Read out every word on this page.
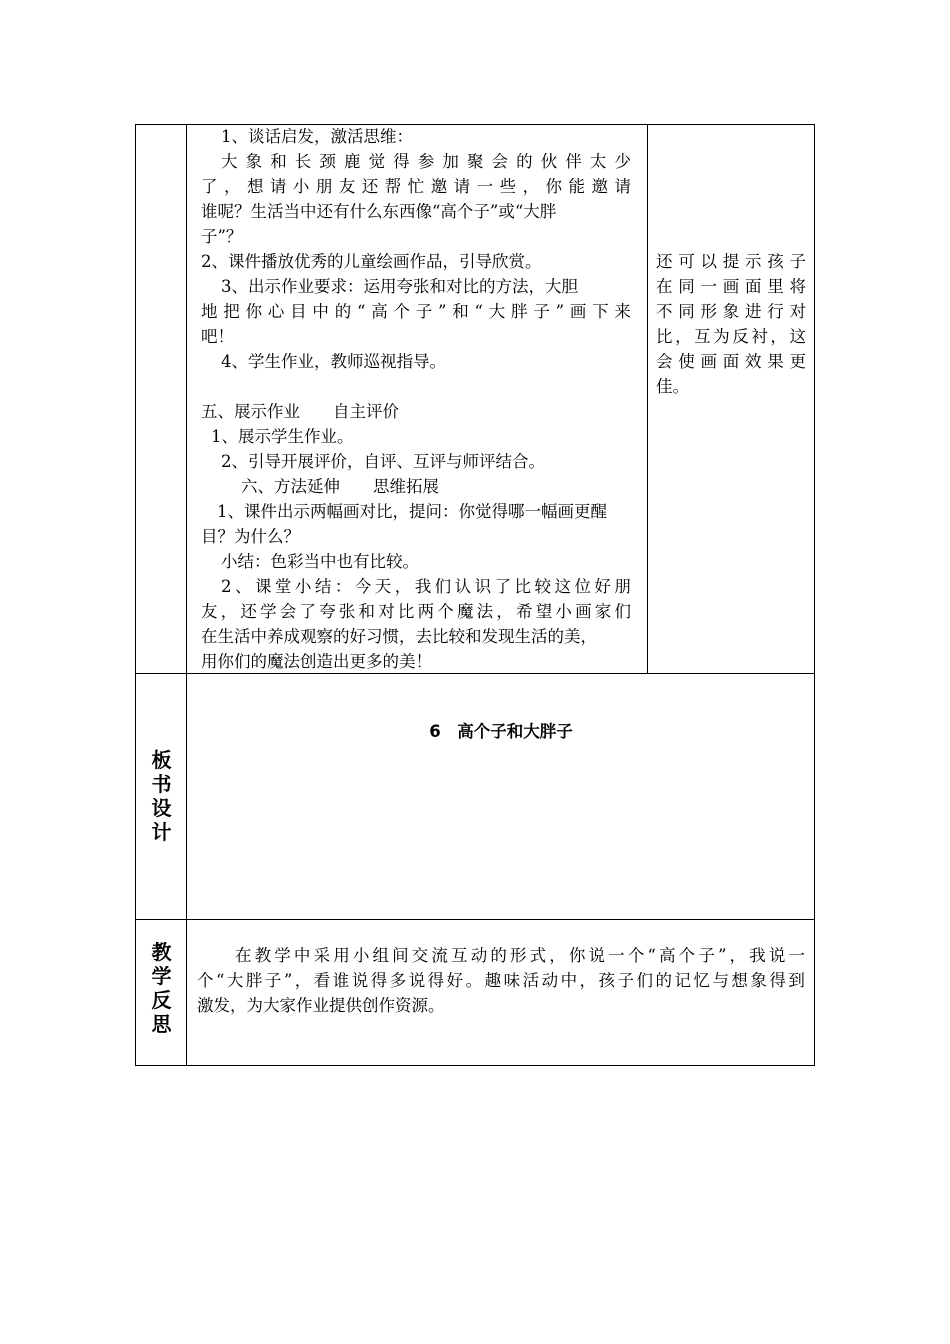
1、谈话启发，激活思维：
大 象 和 长 颈 鹿 觉 得 参 加 聚 会 的 伙 伴 太 少
了 ， 想 请 小 朋 友 还 帮 忙 邀 请 一 些 ， 你 能 邀 请
谁呢？生活当中还有什么东西像“高个子”或“大胖
子”？
2、课件播放优秀的儿童绘画作品，引导欣赏。
3、出示作业要求：运用夸张和对比的方法，大胆
地 把 你 心 目 中 的 “ 高 个 子 ” 和 “ 大 胖 子 ” 画 下 来
吧！
4、学生作业，教师巡视指导。
五、展示作业　　自主评价
1、展示学生作业。
2、引导开展评价，自评、互评与师评结合。
六、方法延伸　　思维拓展
1、课件出示两幅画对比，提问：你觉得哪一幅画更醒
目？为什么？
小结：色彩当中也有比较。
2 、 课 堂 小 结 ： 今 天 ， 我 们 认 识 了 比 较 这 位 好 朋
友 ， 还 学 会 了 夸 张 和 对 比 两 个 魔 法 ， 希 望 小 画 家 们
在生活中养成观察的好习惯，去比较和发现生活的美，
用你们的魔法创造出更多的美！
还 可 以 提 示 孩 子
在 同 一 画 面 里 将
不 同 形 象 进 行 对
比 ， 互 为 反 衬 ， 这
会 使 画 面 效 果 更
佳。
板书设计
6　高个子和大胖子
教学反思
在 教 学 中 采 用 小 组 间 交 流 互 动 的 形 式 ， 你 说 一 个 “ 高 个 子 ” ， 我 说 一
个 “ 大 胖 子 ” ， 看 谁 说 得 多 说 得 好 。 趣 味 活 动 中 ， 孩 子 们 的 记 忆 与 想 象 得 到
激发，为大家作业提供创作资源。
